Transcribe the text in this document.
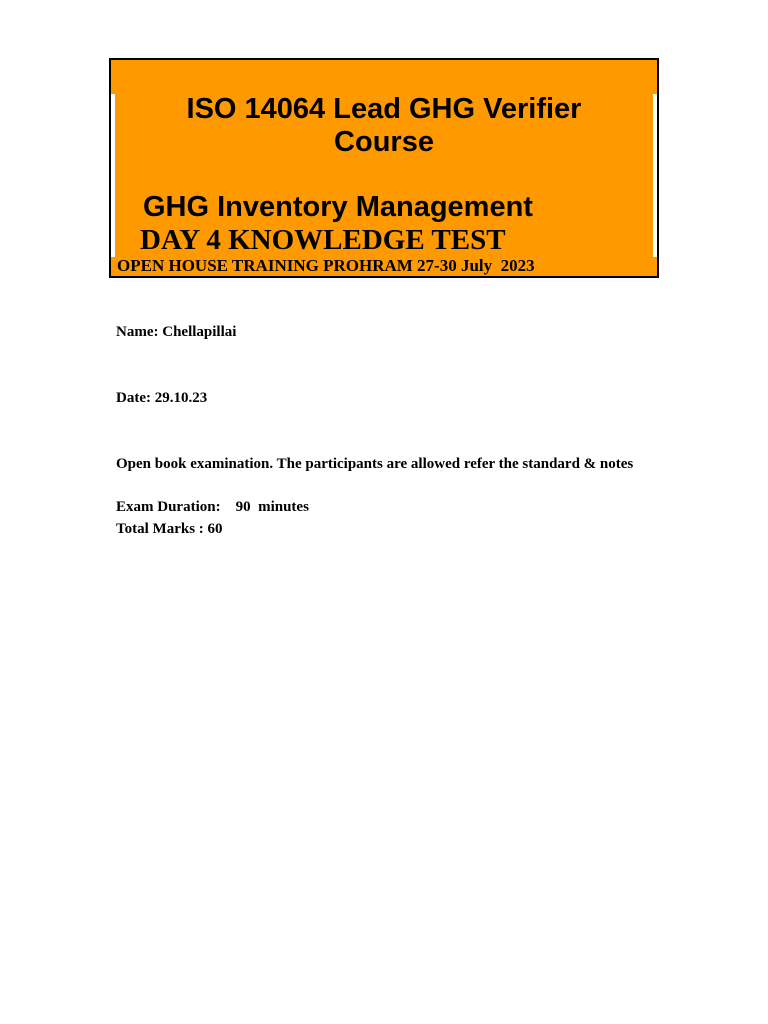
ISO 14064 Lead GHG Verifier Course
GHG Inventory Management
DAY 4 KNOWLEDGE TEST
OPEN HOUSE TRAINING PROHRAM 27-30 July  2023
Name: Chellapillai
Date: 29.10.23
Open book examination. The participants are allowed refer the standard & notes
Exam Duration:    90  minutes
Total Marks : 60
